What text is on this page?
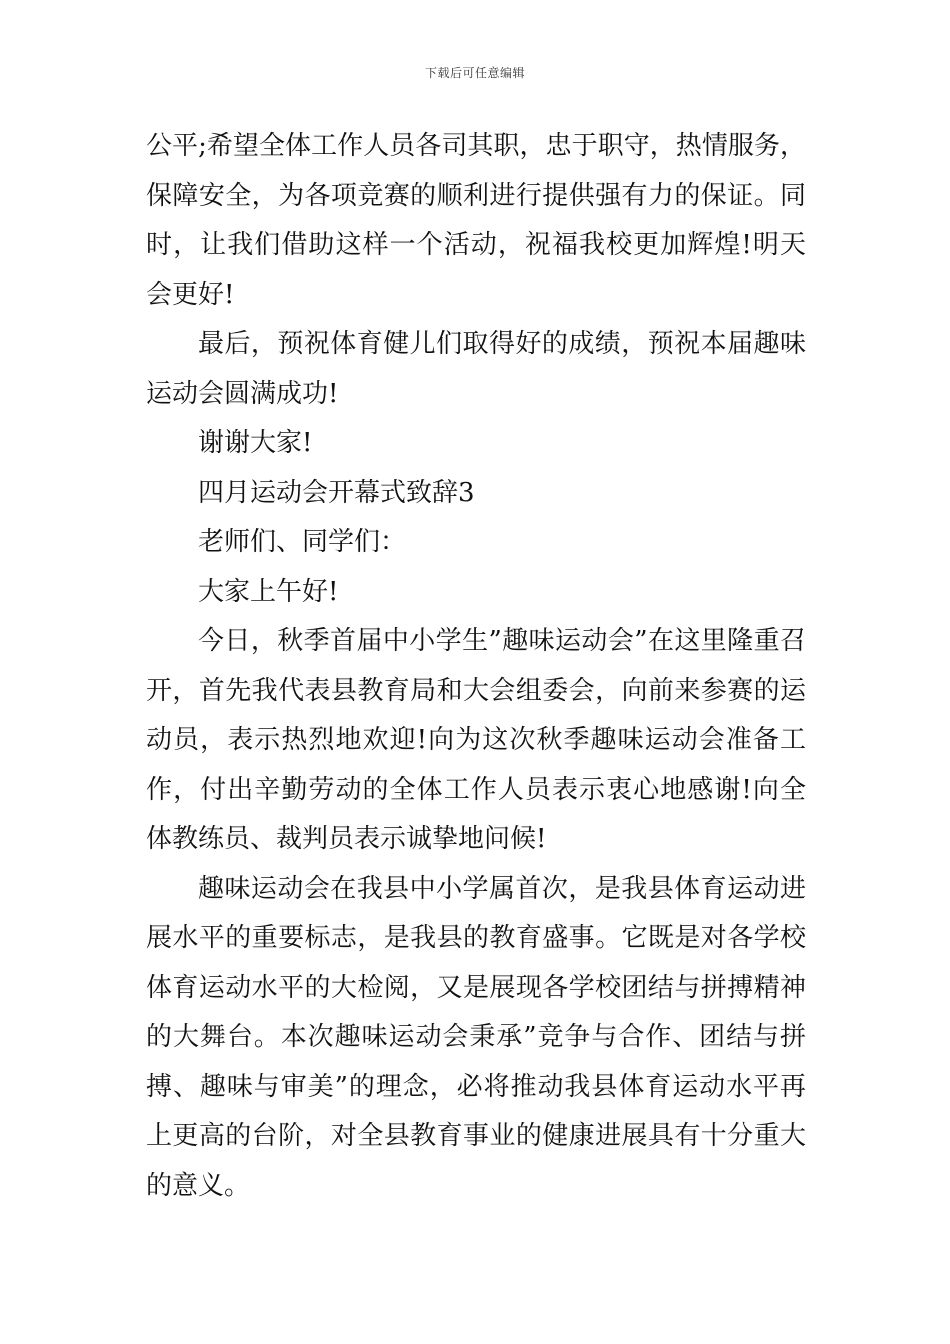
下载后可任意编辑

公平;希望全体工作人员各司其职，忠于职守，热情服务，保障安全，为各项竞赛的顺利进行提供强有力的保证。同时，让我们借助这样一个活动，祝福我校更加辉煌!明天会更好!

最后，预祝体育健儿们取得好的成绩，预祝本届趣味运动会圆满成功!

谢谢大家!

四月运动会开幕式致辞3

老师们、同学们：

大家上午好!

今日，秋季首届中小学生”趣味运动会”在这里隆重召开，首先我代表县教育局和大会组委会，向前来参赛的运动员，表示热烈地欢迎!向为这次秋季趣味运动会准备工作，付出辛勤劳动的全体工作人员表示衷心地感谢!向全体教练员、裁判员表示诚挚地问候!

趣味运动会在我县中小学属首次，是我县体育运动进展水平的重要标志，是我县的教育盛事。它既是对各学校体育运动水平的大检阅，又是展现各学校团结与拼搏精神的大舞台。本次趣味运动会秉承”竞争与合作、团结与拼搏、趣味与审美”的理念，必将推动我县体育运动水平再上更高的台阶，对全县教育事业的健康进展具有十分重大的意义。
